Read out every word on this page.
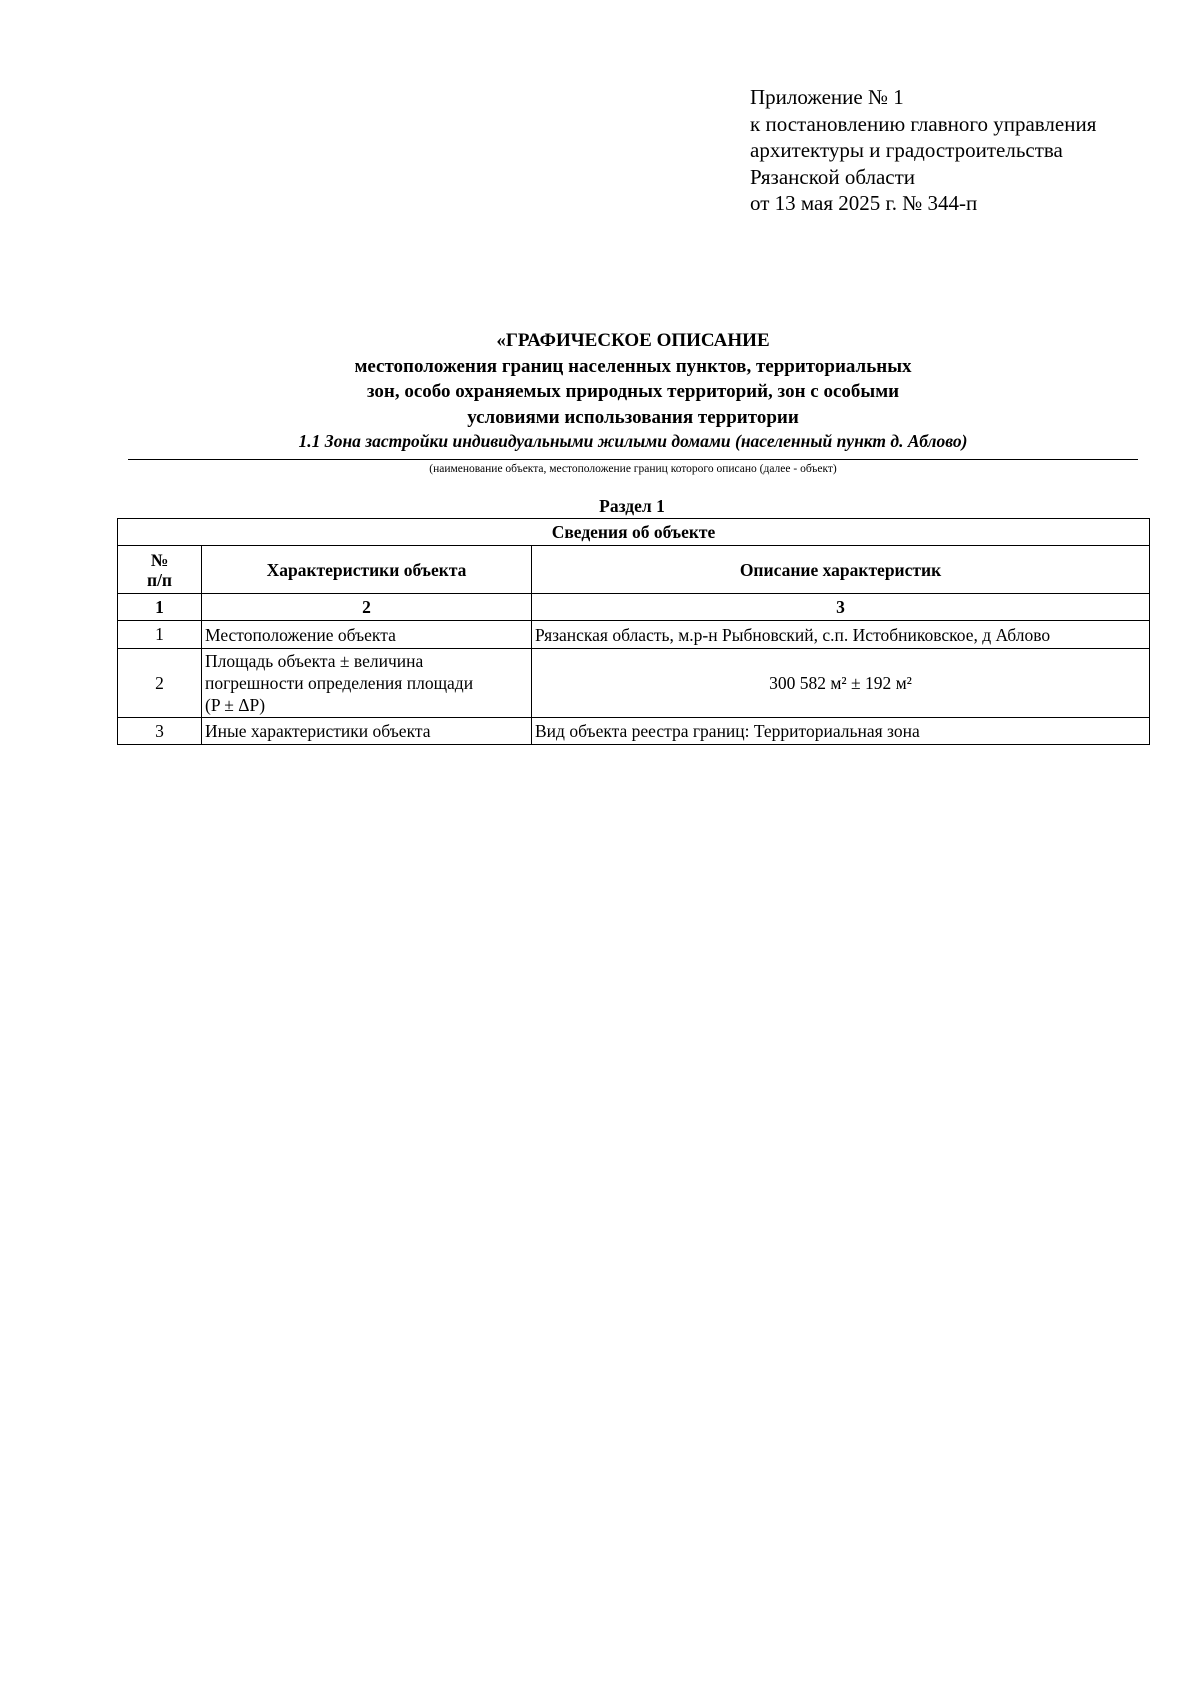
Приложение № 1
к постановлению главного управления
архитектуры и градостроительства
Рязанской области
от 13 мая 2025 г. № 344-п
«ГРАФИЧЕСКОЕ ОПИСАНИЕ
местоположения границ населенных пунктов, территориальных
зон, особо охраняемых природных территорий, зон с особыми
условиями использования территории
1.1 Зона застройки индивидуальными жилыми домами (населенный пункт д. Аблово)
(наименование объекта, местоположение границ которого описано (далее - объект)
Раздел 1
Сведения об объекте		

№
п/п	Характеристики объекта	Описание характеристик
1	2	3
1	Местоположение объекта	Рязанская область, м.р-н Рыбновский, с.п. Истобниковское, д Аблово
2	Площадь объекта ± величина
погрешности определения площади
(P ± ΔP)	300 582 м² ± 192 м²
3	Иные характеристики объекта	Вид объекта реестра границ: Территориальная зона
